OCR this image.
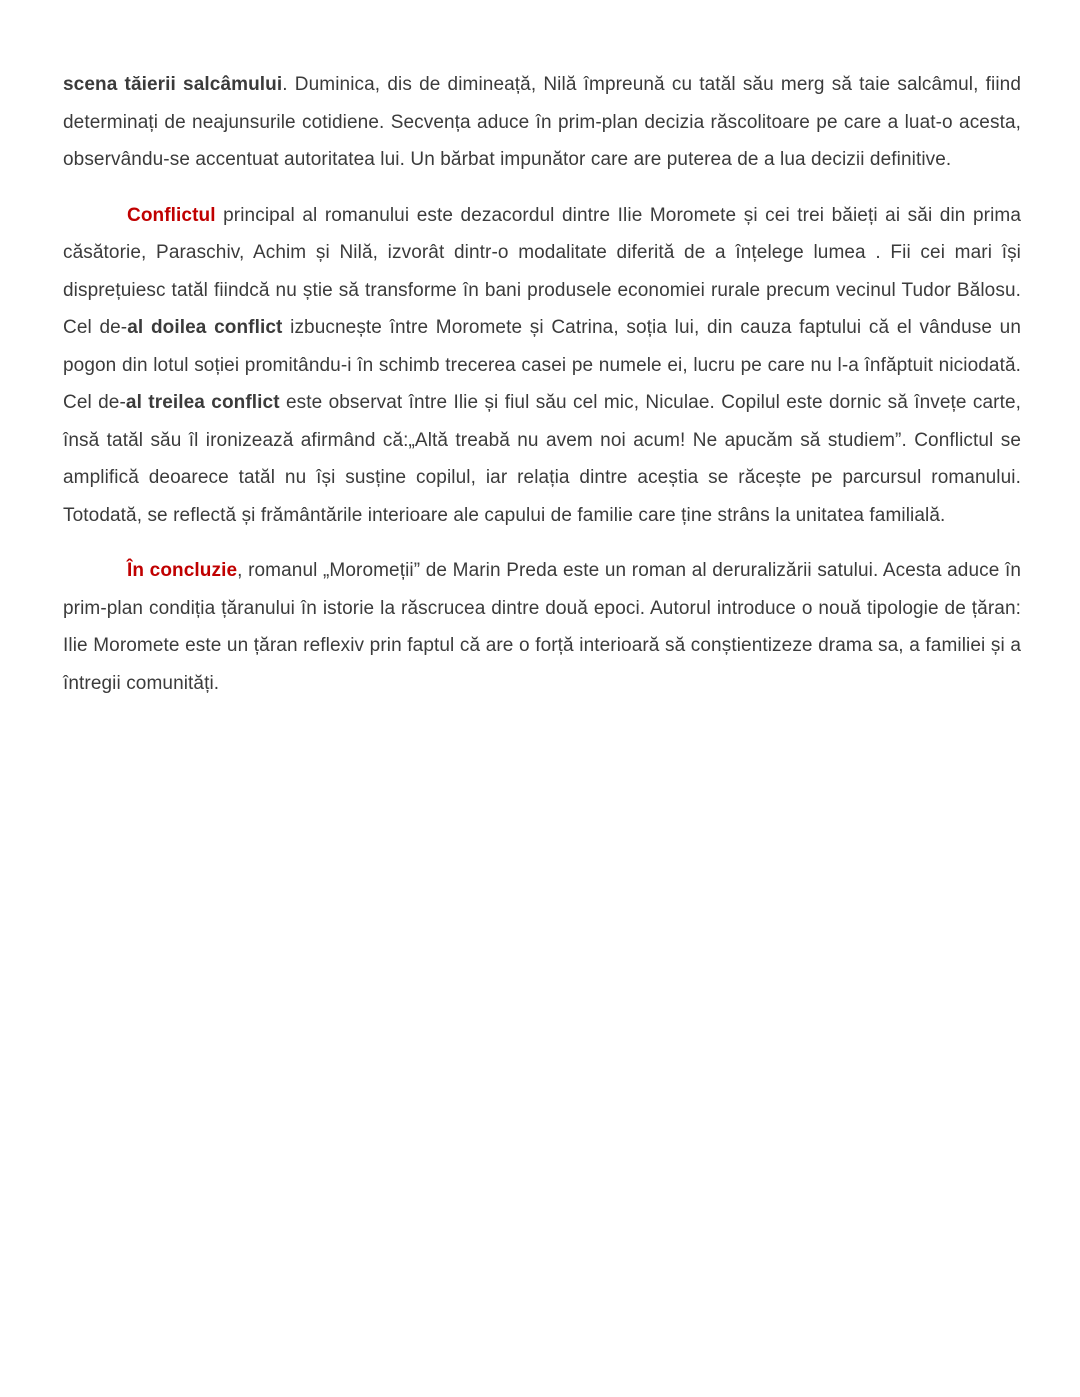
scena tăierii salcâmului. Duminica, dis de dimineață, Nilă împreună cu tatăl său merg să taie salcâmul, fiind determinați de neajunsurile cotidiene. Secvența aduce în prim-plan decizia răscolitoare pe care a luat-o acesta, observându-se accentuat autoritatea lui. Un bărbat impunător care are puterea de a lua decizii definitive.

Conflictul principal al romanului este dezacordul dintre Ilie Moromete și cei trei băieți ai săi din prima căsătorie, Paraschiv, Achim și Nilă, izvorât dintr-o modalitate diferită de a înțelege lumea . Fii cei mari își disprețuiesc tatăl fiindcă nu știe să transforme în bani produsele economiei rurale precum vecinul Tudor Bălosu. Cel de-al doilea conflict izbucnește între Moromete și Catrina, soția lui, din cauza faptului că el vânduse un pogon din lotul soției promitându-i în schimb trecerea casei pe numele ei, lucru pe care nu l-a înfăptuit niciodată. Cel de-al treilea conflict este observat între Ilie și fiul său cel mic, Niculae. Copilul este dornic să învețe carte, însă tatăl său îl ironizează afirmând că:„Altă treabă nu avem noi acum! Ne apucăm să studiem”. Conflictul se amplifică deoarece tatăl nu își susține copilul, iar relația dintre aceștia se răcește pe parcursul romanului. Totodată, se reflectă și frământările interioare ale capului de familie care ține strâns la unitatea familială.

În concluzie, romanul „Moromeții” de Marin Preda este un roman al deruralizării satului. Acesta aduce în prim-plan condiția țăranului în istorie la răscrucea dintre două epoci. Autorul introduce o nouă tipologie de țăran: Ilie Moromete este un țăran reflexiv prin faptul că are o forță interioară să conștientizeze drama sa, a familiei și a întregii comunități.
